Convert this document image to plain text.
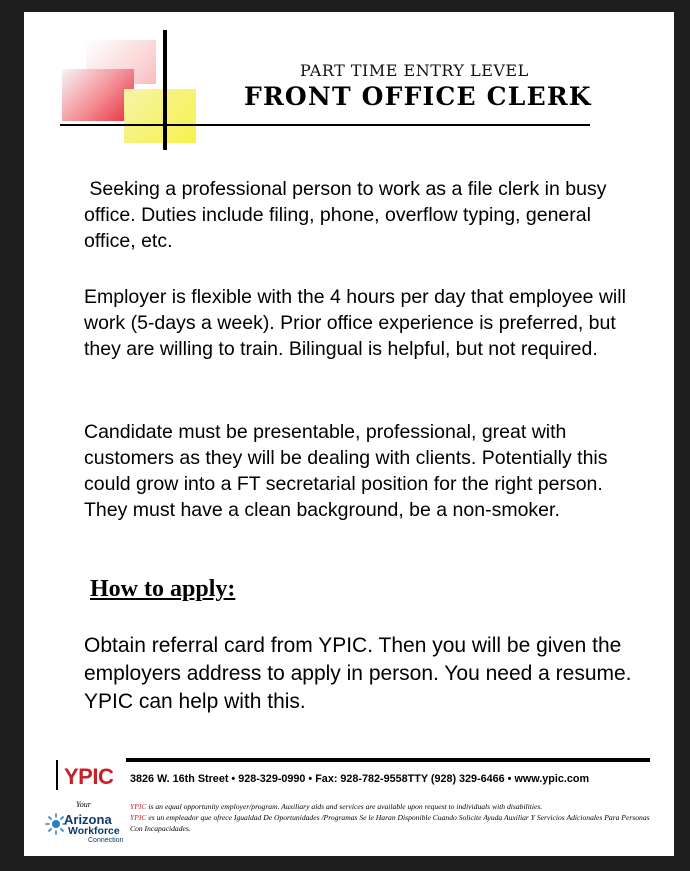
PART TIME ENTRY LEVEL
FRONT OFFICE CLERK
Seeking a professional person to work as a file clerk in busy office. Duties include filing, phone, overflow typing, general office, etc.
Employer is flexible with the 4 hours per day that employee will work (5-days a week). Prior office experience is preferred, but they are willing to train. Bilingual is helpful, but not required.
Candidate must be presentable, professional, great with customers as they will be dealing with clients. Potentially this could grow into a FT secretarial position for the right person. They must have a clean background, be a non-smoker.
How to apply:
Obtain referral card from YPIC. Then you will be given the employers address to apply in person. You need a resume. YPIC can help with this.
YPIC
Your
Arizona
Workforce
Connection
3826 W. 16th Street • 928-329-0990 • Fax: 928-782-9558TTY (928) 329-6466 • www.ypic.com
YPIC is an equal opportunity employer/program. Auxiliary aids and services are available upon request to individuals with disabilities.
YPIC es un empleador que ofrece Igualdad De Oportunidades /Programas Se le Haran Disponible Cuando Solicite Ayuda Auxiliar Y Servicios Adicionales Para Personas Con Incapacidades.
